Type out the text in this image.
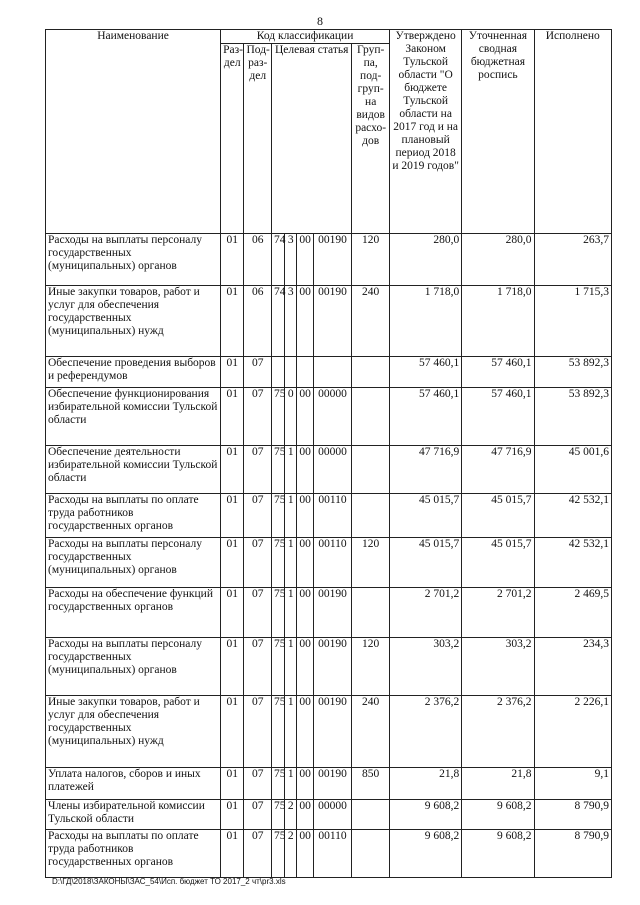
8
Наименование	Код классификации							Утверждено Законом Тульской области "О бюджете Тульской области на 2017 год и на плановый период 2018 и 2019 годов"	Уточненная сводная бюджетная роспись	Исполнено
	Раз-дел	Под-раз-дел	Целевая статья				Груп-па, под-груп-на видов расхо-дов			
Расходы на выплаты персоналу государственных (муниципальных) органов	01	06	74	3	00	00190	120	280,0	280,0	263,7
Иные закупки товаров, работ и услуг для обеспечения государственных (муниципальных) нужд	01	06	74	3	00	00190	240	1 718,0	1 718,0	1 715,3
Обеспечение проведения выборов и референдумов	01	07						57 460,1	57 460,1	53 892,3
Обеспечение функционирования избирательной комиссии Тульской области	01	07	75	0	00	00000		57 460,1	57 460,1	53 892,3
Обеспечение деятельности избирательной комиссии Тульской области	01	07	75	1	00	00000		47 716,9	47 716,9	45 001,6
Расходы на выплаты по оплате труда работников государственных органов	01	07	75	1	00	00110		45 015,7	45 015,7	42 532,1
Расходы на выплаты персоналу государственных (муниципальных) органов	01	07	75	1	00	00110	120	45 015,7	45 015,7	42 532,1
Расходы на обеспечение функций государственных органов	01	07	75	1	00	00190		2 701,2	2 701,2	2 469,5
Расходы на выплаты персоналу государственных (муниципальных) органов	01	07	75	1	00	00190	120	303,2	303,2	234,3
Иные закупки товаров, работ и услуг для обеспечения государственных (муниципальных) нужд	01	07	75	1	00	00190	240	2 376,2	2 376,2	2 226,1
Уплата налогов, сборов и иных платежей	01	07	75	1	00	00190	850	21,8	21,8	9,1
Члены избирательной комиссии Тульской области	01	07	75	2	00	00000		9 608,2	9 608,2	8 790,9
Расходы на выплаты по оплате труда работников государственных органов	01	07	75	2	00	00110		9 608,2	9 608,2	8 790,9
D:\ГД\2018\ЗАКОНЫ\ЗАС_54\Исп. бюджет ТО 2017_2 чт\pr3.xls
